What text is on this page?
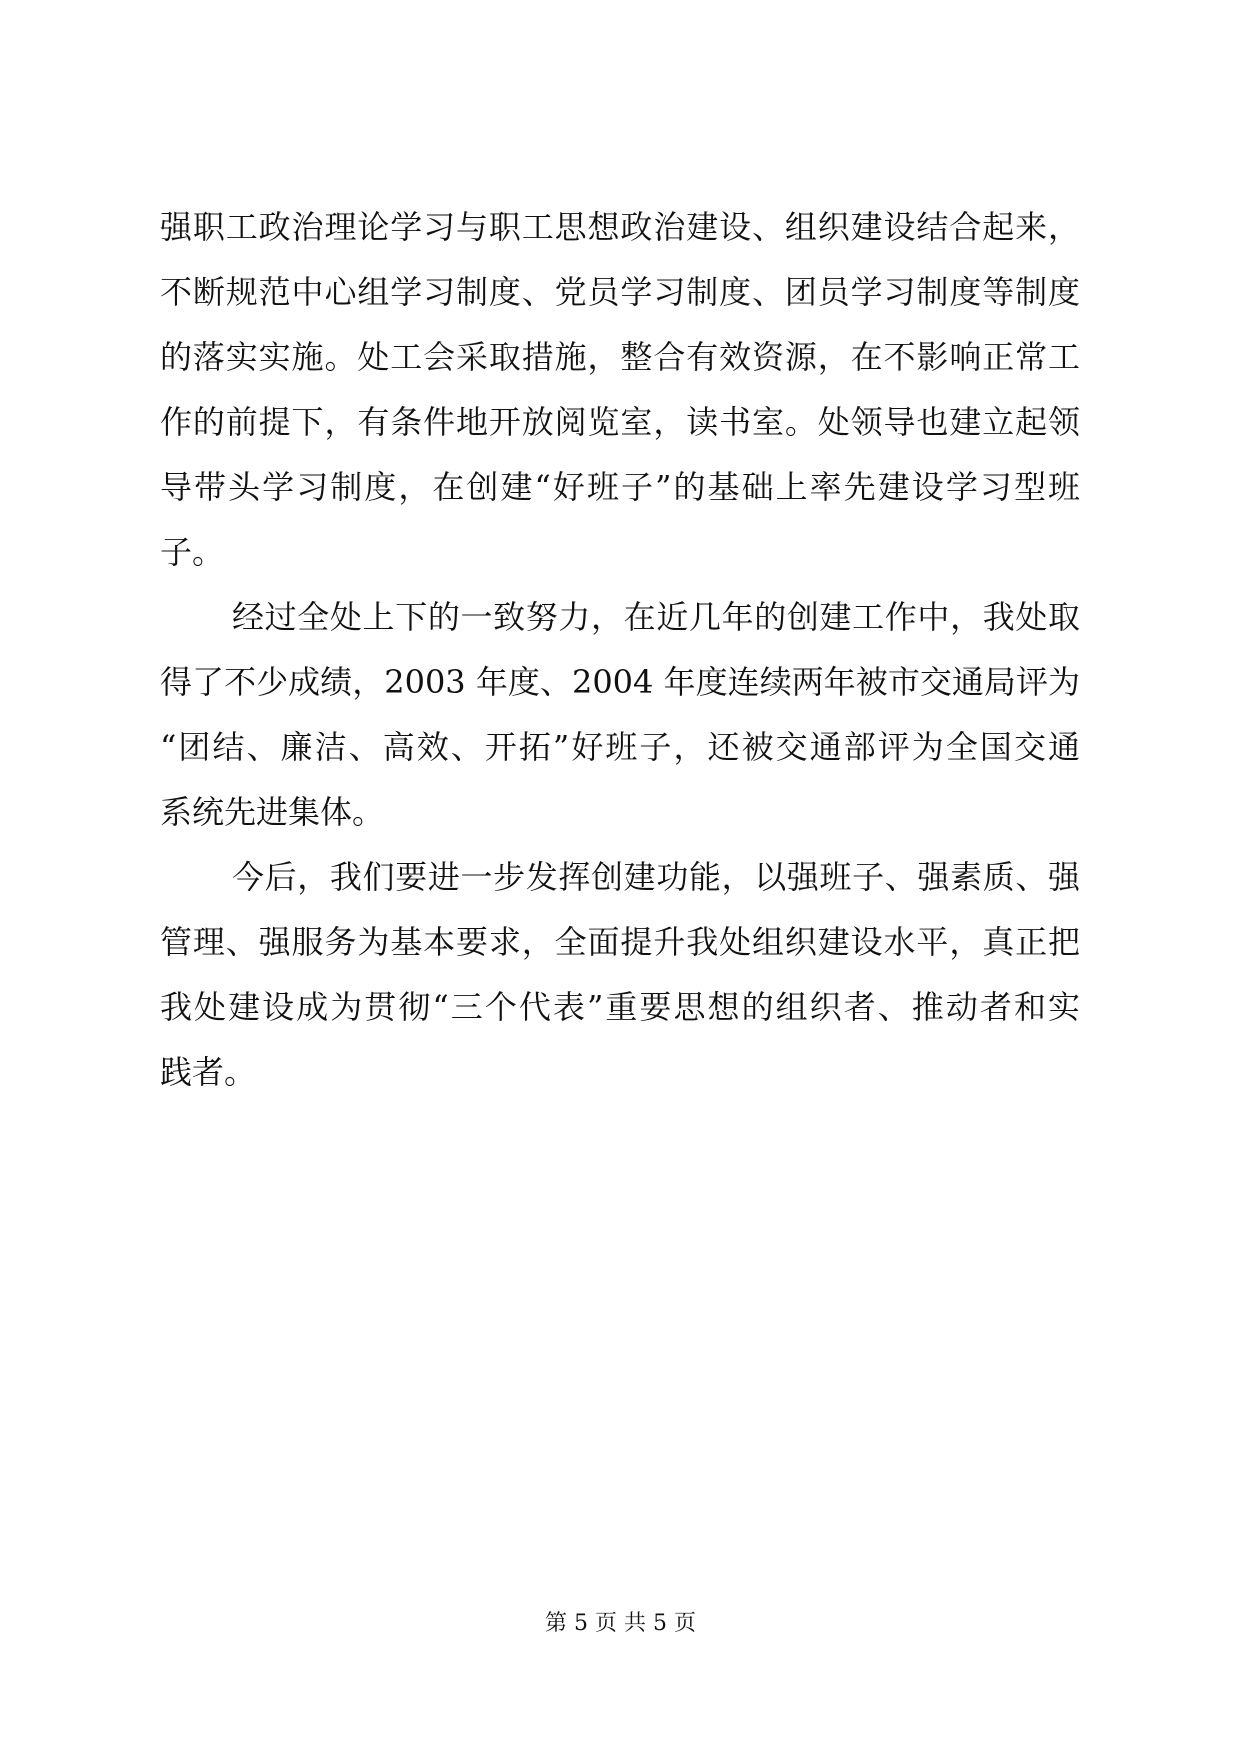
强职工政治理论学习与职工思想政治建设、组织建设结合起来，
不断规范中心组学习制度、党员学习制度、团员学习制度等制度
的落实实施。处工会采取措施，整合有效资源，在不影响正常工
作的前提下，有条件地开放阅览室，读书室。处领导也建立起领
导带头学习制度，在创建“好班子”的基础上率先建设学习型班
子。
经过全处上下的一致努力，在近几年的创建工作中，我处取
得了不少成绩，2003 年度、2004 年度连续两年被市交通局评为
“团结、廉洁、高效、开拓”好班子，还被交通部评为全国交通
系统先进集体。
今后，我们要进一步发挥创建功能，以强班子、强素质、强
管理、强服务为基本要求，全面提升我处组织建设水平，真正把
我处建设成为贯彻“三个代表”重要思想的组织者、推动者和实
践者。
第 5 页 共 5 页
